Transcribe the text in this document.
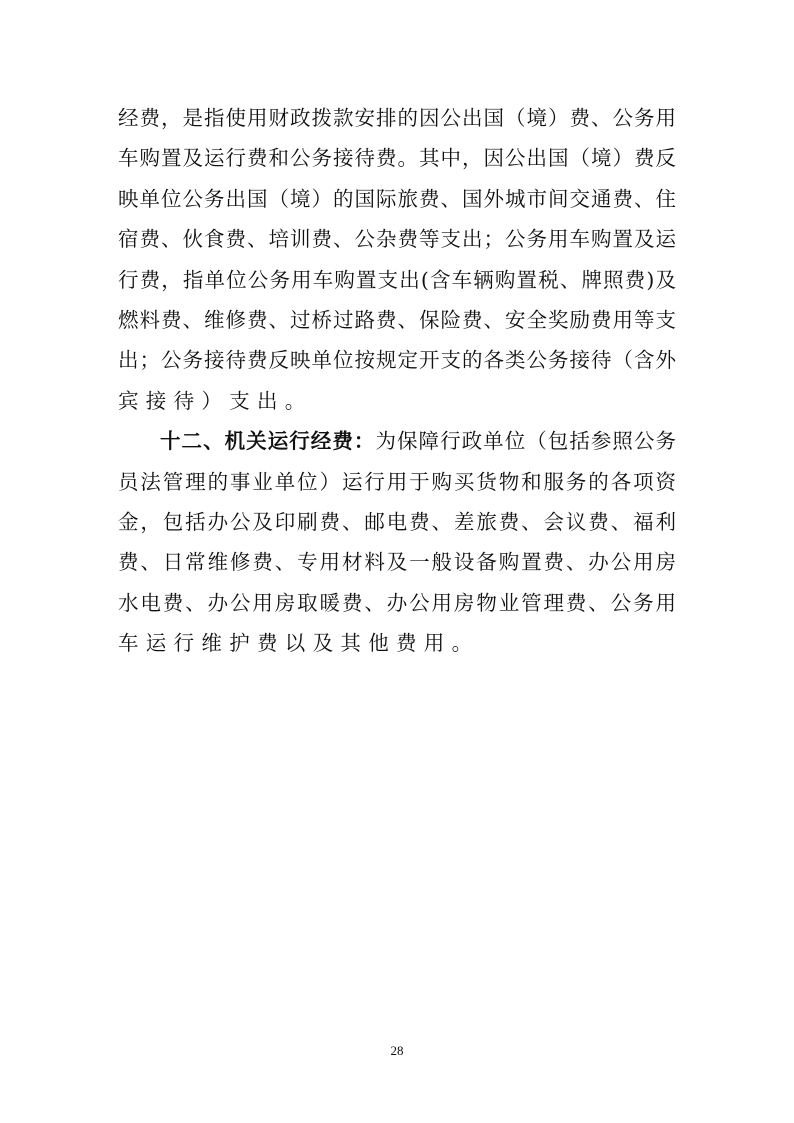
经费，是指使用财政拨款安排的因公出国（境）费、公务用
车购置及运行费和公务接待费。其中，因公出国（境）费反
映单位公务出国（境）的国际旅费、国外城市间交通费、住
宿费、伙食费、培训费、公杂费等支出；公务用车购置及运
行费，指单位公务用车购置支出(含车辆购置税、牌照费)及
燃料费、维修费、过桥过路费、保险费、安全奖励费用等支
出；公务接待费反映单位按规定开支的各类公务接待（含外
宾接待）支出。
十二、机关运行经费：为保障行政单位（包括参照公务
员法管理的事业单位）运行用于购买货物和服务的各项资
金，包括办公及印刷费、邮电费、差旅费、会议费、福利
费、日常维修费、专用材料及一般设备购置费、办公用房
水电费、办公用房取暖费、办公用房物业管理费、公务用
车运行维护费以及其他费用。
28
